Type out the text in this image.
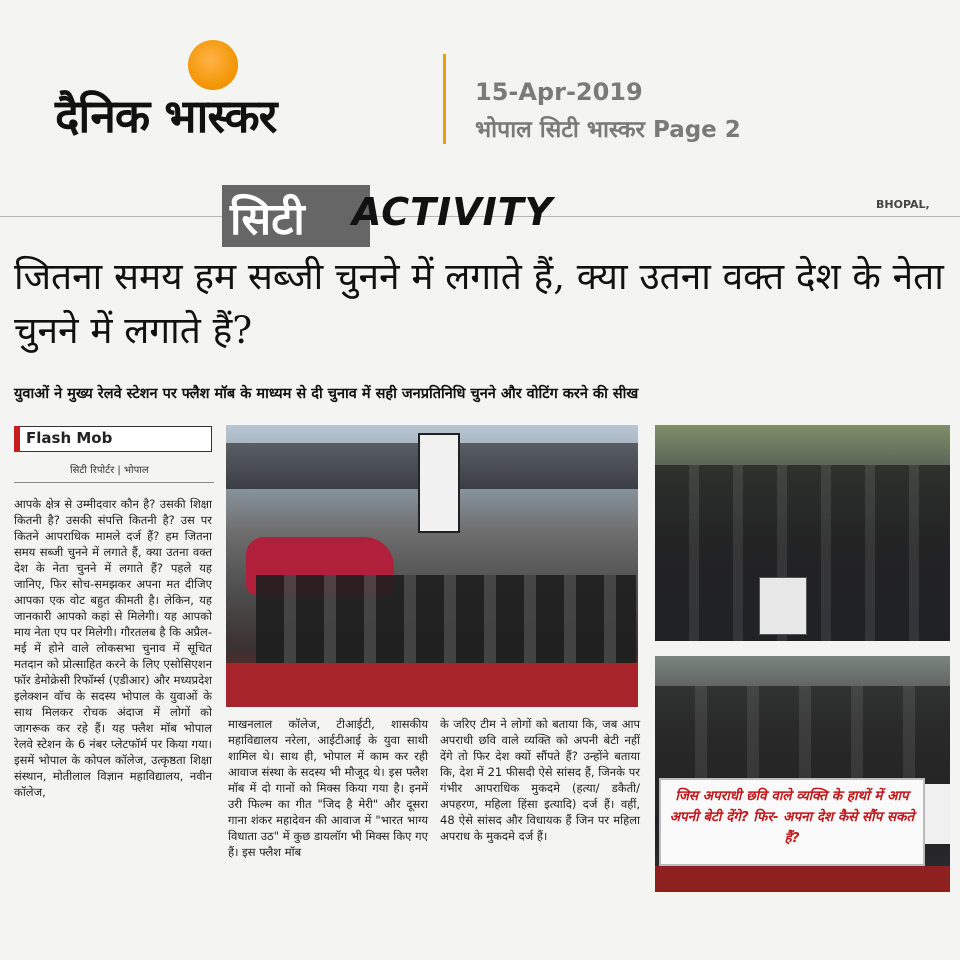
दैनिक भास्कर	15-Apr-2019
भोपाल सिटी भास्कर Page 2
सिटी ACTIVITY	BHOPAL,
जितना समय हम सब्जी चुनने में लगाते हैं, क्या उतना वक्त देश के नेता चुनने में लगाते हैं?
युवाओं ने मुख्य रेलवे स्टेशन पर फ्लैश मॉब के माध्यम से दी चुनाव में सही जनप्रतिनिधि चुनने और वोटिंग करने की सीख
Flash Mob
सिटी रिपोर्टर | भोपाल

आपके क्षेत्र से उम्मीदवार कौन है? उसकी शिक्षा कितनी है? उसकी संपत्ति कितनी है? उस पर कितने आपराधिक मामले दर्ज हैं? हम जितना समय सब्जी चुनने में लगाते हैं, क्या उतना वक्त देश के नेता चुनने में लगाते हैं? पहले यह जानिए, फिर सोच-समझकर अपना मत दीजिए आपका एक वोट बहुत कीमती है। लेकिन, यह जानकारी आपको कहां से मिलेगी। यह आपको माय नेता एप पर मिलेगी। गौरतलब है कि अप्रैल-मई में होने वाले लोकसभा चुनाव में सूचित मतदान को प्रोत्साहित करने के लिए एसोसिएशन फॉर डेमोक्रेसी रिफॉर्म्स (एडीआर) और मध्यप्रदेश इलेक्शन वॉच के सदस्य भोपाल के युवाओं के साथ मिलकर रोचक अंदाज में लोगों को जागरूक कर रहे हैं। यह फ्लैश मॉब भोपाल रेलवे स्टेशन के 6 नंबर प्लेटफॉर्म पर किया गया। इसमें भोपाल के कोपल कॉलेज, उत्कृष्ठता शिक्षा संस्थान, मोतीलाल विज्ञान महाविद्यालय, नवीन कॉलेज,

माखनलाल कॉलेज, टीआईटी, शासकीय महाविद्यालय नरेला, आईटीआई के युवा साथी शामिल थे। साथ ही, भोपाल में काम कर रही आवाज संस्था के सदस्य भी मौजूद थे। इस फ्लैश मॉब में दो गानों को मिक्स किया गया है। इनमें उरी फिल्म का गीत "जिद है मेरी" और दूसरा गाना शंकर महादेवन की आवाज में "भारत भाग्य विधाता उठ" में कुछ डायलॉग भी मिक्स किए गए हैं। इस फ्लैश मॉब

के जरिए टीम ने लोगों को बताया कि, जब आप अपराधी छवि वाले व्यक्ति को अपनी बेटी नहीं देंगे तो फिर देश क्यों सौंपते हैं? उन्होंने बताया कि, देश में 21 फीसदी ऐसे सांसद हैं, जिनके पर गंभीर आपराधिक मुकदमे (हत्या/ डकैती/ अपहरण, महिला हिंसा इत्यादि) दर्ज हैं। वहीं, 48 ऐसे सांसद और विधायक हैं जिन पर महिला अपराध के मुकदमे दर्ज हैं।

जिस अपराधी छवि वाले व्यक्ति के हाथों में आप अपनी बेटी देंगे? फिर- अपना देश कैसे सौंप सकते हैं?
